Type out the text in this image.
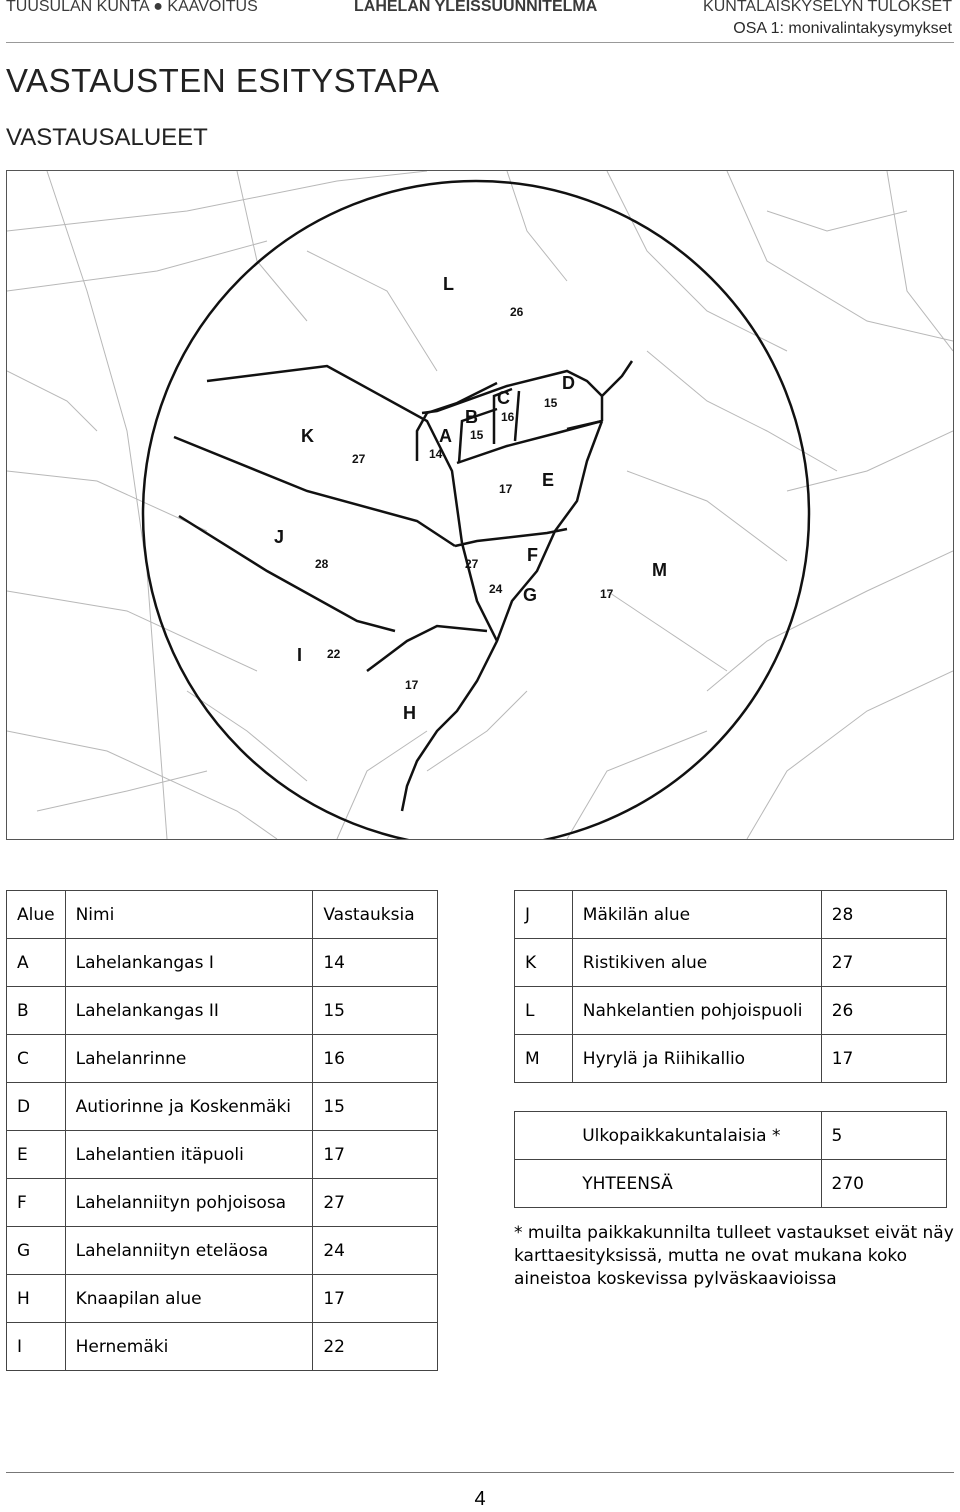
TUUSULAN KUNTA ● KAAVOITUS	LAHELAN YLEISSUUNNITELMA	KUNTALAISKYSELYN TULOKSET
OSA 1: monivalintakysymykset
VASTAUSTEN ESITYSTAPA
VASTAUSALUEET
A
14
B
15
C
16
D
15
E
17
F
27
G
24
H
17
I 22
J
28
K
27
L
26
M
17
Alue	Nimi	Vastauksia
A	Lahelankangas I	14
B	Lahelankangas II	15
C	Lahelanrinne	16
D	Autiorinne ja Koskenmäki	15
E	Lahelantien itäpuoli	17
F	Lahelanniityn pohjoisosa	27
G	Lahelanniityn eteläosa	24
H	Knaapilan alue	17
I	Hernemäki	22
J	Mäkilän alue	28
K	Ristikiven alue	27
L	Nahkelantien pohjoispuoli	26
M	Hyrylä ja Riihikallio	17
	Ulkopaikkakuntalaisia *	5
	YHTEENSÄ	270
* muilta paikkakunnilta tulleet vastaukset eivät näy karttaesityksissä, mutta ne ovat mukana koko aineistoa koskevissa pylväskaavioissa
4
